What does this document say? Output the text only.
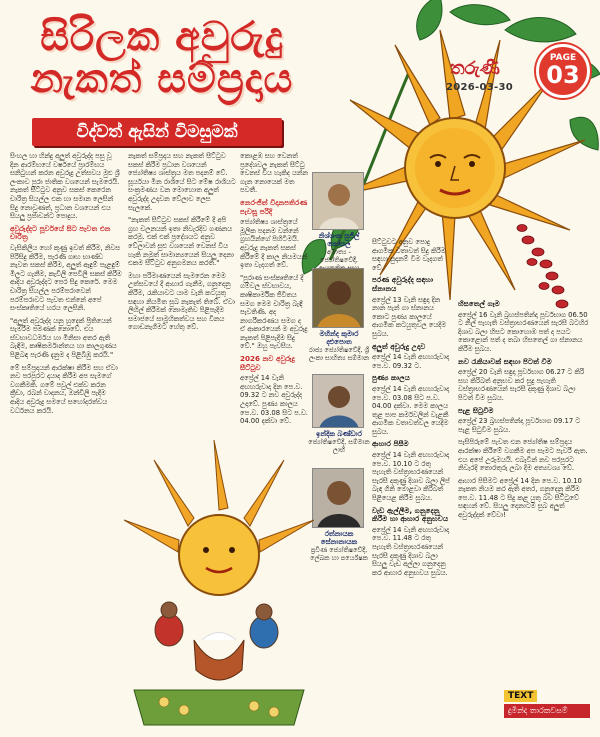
තරුණී
2026-03-30
PAGE
03
සිරිලක අවුරුදු
නැකත් සම්ප්‍රදාය
විද්වත් ඇසින් විමසුමක්

සිංහල හා හින්දු අලුත් අවුරුද්ද පසු වූ දින ආරම්භයේ වර්ෂයේ ප්‍රාරම්භය සනිටුහන් කරන අවුරුදු උත්සවය මුළු ශ්‍රී ලංකාව පුරා ජාතික වශයෙන් සැමරෙයි. නැකත් සීට්ටුව අනුව සකස් කෙරෙන චාරිත්‍ර සියල්ල එක හා සමාන ලෙසින් සිදු නොවුණත්, ප්‍රධාන වශයෙන් එය සියලු ප්‍රජාවන්ට පොදුය.

අවුරුද්දට පූර්වයේ සිට පැවත එන චාරිත්‍ර

වැසිකිලිය හෝ කුණු ඉවත් කිරීම, නිවස පිරිසිදු කිරීම, පැරණි ගෘහ භාණ්ඩ නැවත සකස් කිරීම, අලුත් ඇඳුම් පැළඳුම් මිලට ගැනීම, කැවිලි පෙවිලි සකස් කිරීම ආදිය අවුරුද්දට පෙර සිදු කෙරේ. මෙම චාරිත්‍ර සියල්ල පරම්පරාවෙන් පරම්පරාවට පැවත එන්නේ අපේ සංස්කෘතියේ හරය ලෙසිනි.

"අලුත් අවුරුද්ද යනු හුදෙක් ප්‍රීතියෙන් සැමරීම පමණක් නොවේ. එය ස්වභාවධර්මය හා මිනිසා අතර ඇති බැඳීම, කෘෂිකර්මාන්තය හා කාලගුණය පිළිබඳ පැරණි දැනුම ද පිළිබිඹු කරයි."

මේ සම්ප්‍රදායන් ආරක්ෂා කිරීම සහ ඒවා නව පරපුරට දායාද කිරීම අප සැමගේ වගකීමකි. ගමේ පවුල් එක්ව කරන ක්‍රීඩා, රබන් වාදනය, ඔන්චිලි පැදීම ආදිය අවුරුදු සමයේ සහෝදරත්වය වර්ධනය කරයි.

නැකත් සම්ප්‍රදාය සහ නැකත් සීට්ටුව සකස් කිරීම ප්‍රධාන වශයෙන් ජ්‍යෝතිෂ්‍ය ශාස්ත්‍රය මත පදනම් වේ. සූර්යයා මීන රාශියේ සිට මේෂ රාශියට සංක්‍රමණය වන මොහොත අලුත් අවුරුද්ද උදාවන වේලාව ලෙස සැලකේ.

"නැකත් සීට්ටුව සකස් කිරීමේ දී අපි ග්‍රහ චලනයන් ඉතා නිවැරදිව ගණනය කරමු. එක් එක් ප්‍රදේශයට අනුව වේලාවන් සුළු වශයෙන් වෙනස් විය හැකි නමුත් සාමාන්‍යයෙන් සියලු දෙනා එකම සීට්ටුව අනුගමනය කරති."

මහා පරිමාණයෙන් සැමරෙන මෙම උත්සවයේ දී ආහාර ගැනීම, ගනුදෙනු කිරීම, රැකියාවට යාම වැනි කටයුතු සඳහා නියමිත සුබ නැකැත් තිබේ. ඒවා ලිහිල් කිරීමක් නොමැතිව පිළිපැදීම සමාජයේ සාමූහිකත්වය සහ විනය ගොඩනැගීමට හේතු වේ.

කොළඹ සහ වෙනත් ප්‍රදේශවල නැකත් සීට්ටු වෙනස් විය හැකිද යන්න ගැන නොයෙක් මත පවතී.

නෙරංජිත් විදානපතිරණ පැවසූ පරිදි

ජ්‍යෝතිෂ්‍ය ශාස්ත්‍රයේ මූලික පදනම වන්නේ ග්‍රහයින්ගේ පිහිටීමයි. අවුරුදු නැකත් සකස් කිරීමේ දී කාල නියමයන් ඉතා වැදගත් වේ.

"පුරාණ සංස්කෘතියේ දී ගම්වල ස්වභාවය, කෘෂිකාර්මික ජීවිතය සමග මෙම චාරිත්‍ර බැඳී පැවතිණි. අද නාගරීකරණය සමග ද ඒ ආකාරයෙන් ම අවුරුදු නැකත් පිළිපැදීම සිදු වේ." ඔහු පැවසීය.

2026 නව අවුරුදු සීට්ටුව

අප්‍රේල් 14 වැනි අඟහරුවාදා දින පෙ.ව. 09.32 ට නව අවුරුද්ද උදාවේ. පුණ්‍ය කාලය පෙ.ව. 03.08 සිට ප.ව. 04.00 දක්වා වේ.

නිශ්ශංක සුජිල් කෝසල
අමාත්‍ය - ජ්‍යෝතිෂවේදී,
මහින්ද කුමාර දළුපොත
රාජ්‍ය ජ්‍යෝතිෂවේදී, ශ්‍රී ලංකා සාහිත්‍ය සම්මාන
ඉන්දික බණ්ඩාර
ජ්‍යෝතිෂවේදී, සම්මාන ලාභී
රත්නායක සේනානායක
ප්‍රවීණ ජ්‍යෝතිෂවේදී, ලේඛක හා පර්යේෂක

සීට්ටුවට අනුව පොදු ආගමික වතාවත් සිදු කිරීම සඳහා සුදානම් වීම වැදගත් වේ.

පරණ අවුරුද්ද සඳහා ස්නානය

අප්‍රේල් 13 වැනි සඳුදා දින නාන පැන් ගා ස්නානය කොට පුණ්‍ය කාලයේ ආගමික කටයුතුවල යෙදීම සුබය.

අලුත් අවුරුදු උදාව

අප්‍රේල් 14 වැනි අඟහරුවාදා පෙ.ව. 09.32 ට.

පුණ්‍ය කාලය

අප්‍රේල් 14 වැනි අඟහරුවාදා පෙ.ව. 03.08 සිට ප.ව. 04.00 දක්වා. මෙම කාලය තුළ පාප කර්මවලින් වැළකී ආගමික වතාවත්වල යෙදීම සුබය.

ආහාර පිසීම

අප්‍රේල් 14 වැනි අඟහරුවාදා පෙ.ව. 10.10 ට රතු පැහැති වස්ත්‍රාභරණයෙන් සැරසී දකුණු දිශාව බලා ලිප් බැඳ ගිනි මොළවා කිරිබත් පිළියෙළ කිරීම සුබය.

වැඩ ඇල්ලීම, ගනුදෙනු කිරීම හා ආහාර අනුභවය

අප්‍රේල් 14 වැනි අඟහරුවාදා පෙ.ව. 11.48 ට රතු පැහැති වස්ත්‍රාභරණයෙන් සැරසී දකුණු දිශාව බලා සියලු වැඩ අල්ලා ගනුදෙනු කර ආහාර අනුභවය සුබය.

හිසතෙල් ගෑම

අප්‍රේල් 16 වැනි බ්‍රහස්පතින්දා පූර්වභාග 06.50 ට නිල් පැහැති වස්ත්‍රාභරණයෙන් සැරසී බටහිර දිශාව බලා හිසට කොහොඹ පත් ද පයට කොළොන් පත් ද තබා හිසතෙල් ගා ස්නානය කිරීම සුබය.

නව රැකියාවක් සඳහා පිටත් වීම

අප්‍රේල් 20 වැනි සඳුදා පූර්වභාග 06.27 ට කිරි සහ කිරිබත් අනුභව කර සුදු පැහැති වස්ත්‍රාභරණයෙන් සැරසී දකුණු දිශාව බලා පිටත් වීම සුබය.

පැළ සිටුවීම

අප්‍රේල් 23 බ්‍රහස්පතින්දා පූර්වභාග 09.17 ට පැළ සිටුවීම සුබය.

පැසිපිරුමේ පැවත එන ජ්‍යෝතිෂ සම්ප්‍රදාය ආරක්ෂා කිරීමේ වගකීම අප සැමට පැවරී ඇත. එය අපේ උරුමයයි. එබැවින් නව පරපුරට නිවැරදි තොරතුරු ලබා දීම අත්‍යවශ්‍ය වේ.

ආහාර පිසීමට අප්‍රේල් 14 දින පෙ.ව. 10.10 නැකත නියම කර ඇති අතර, ගනුදෙනු කිරීම පෙ.ව. 11.48 ට සිදු කළ යුතු බව සීට්ටුවේ සඳහන් වේ. සියලු දෙනාටම සුබ අලුත් අවුරුද්දක් වේවා!

TEXT
දුමින්ද තාරකවසම්
